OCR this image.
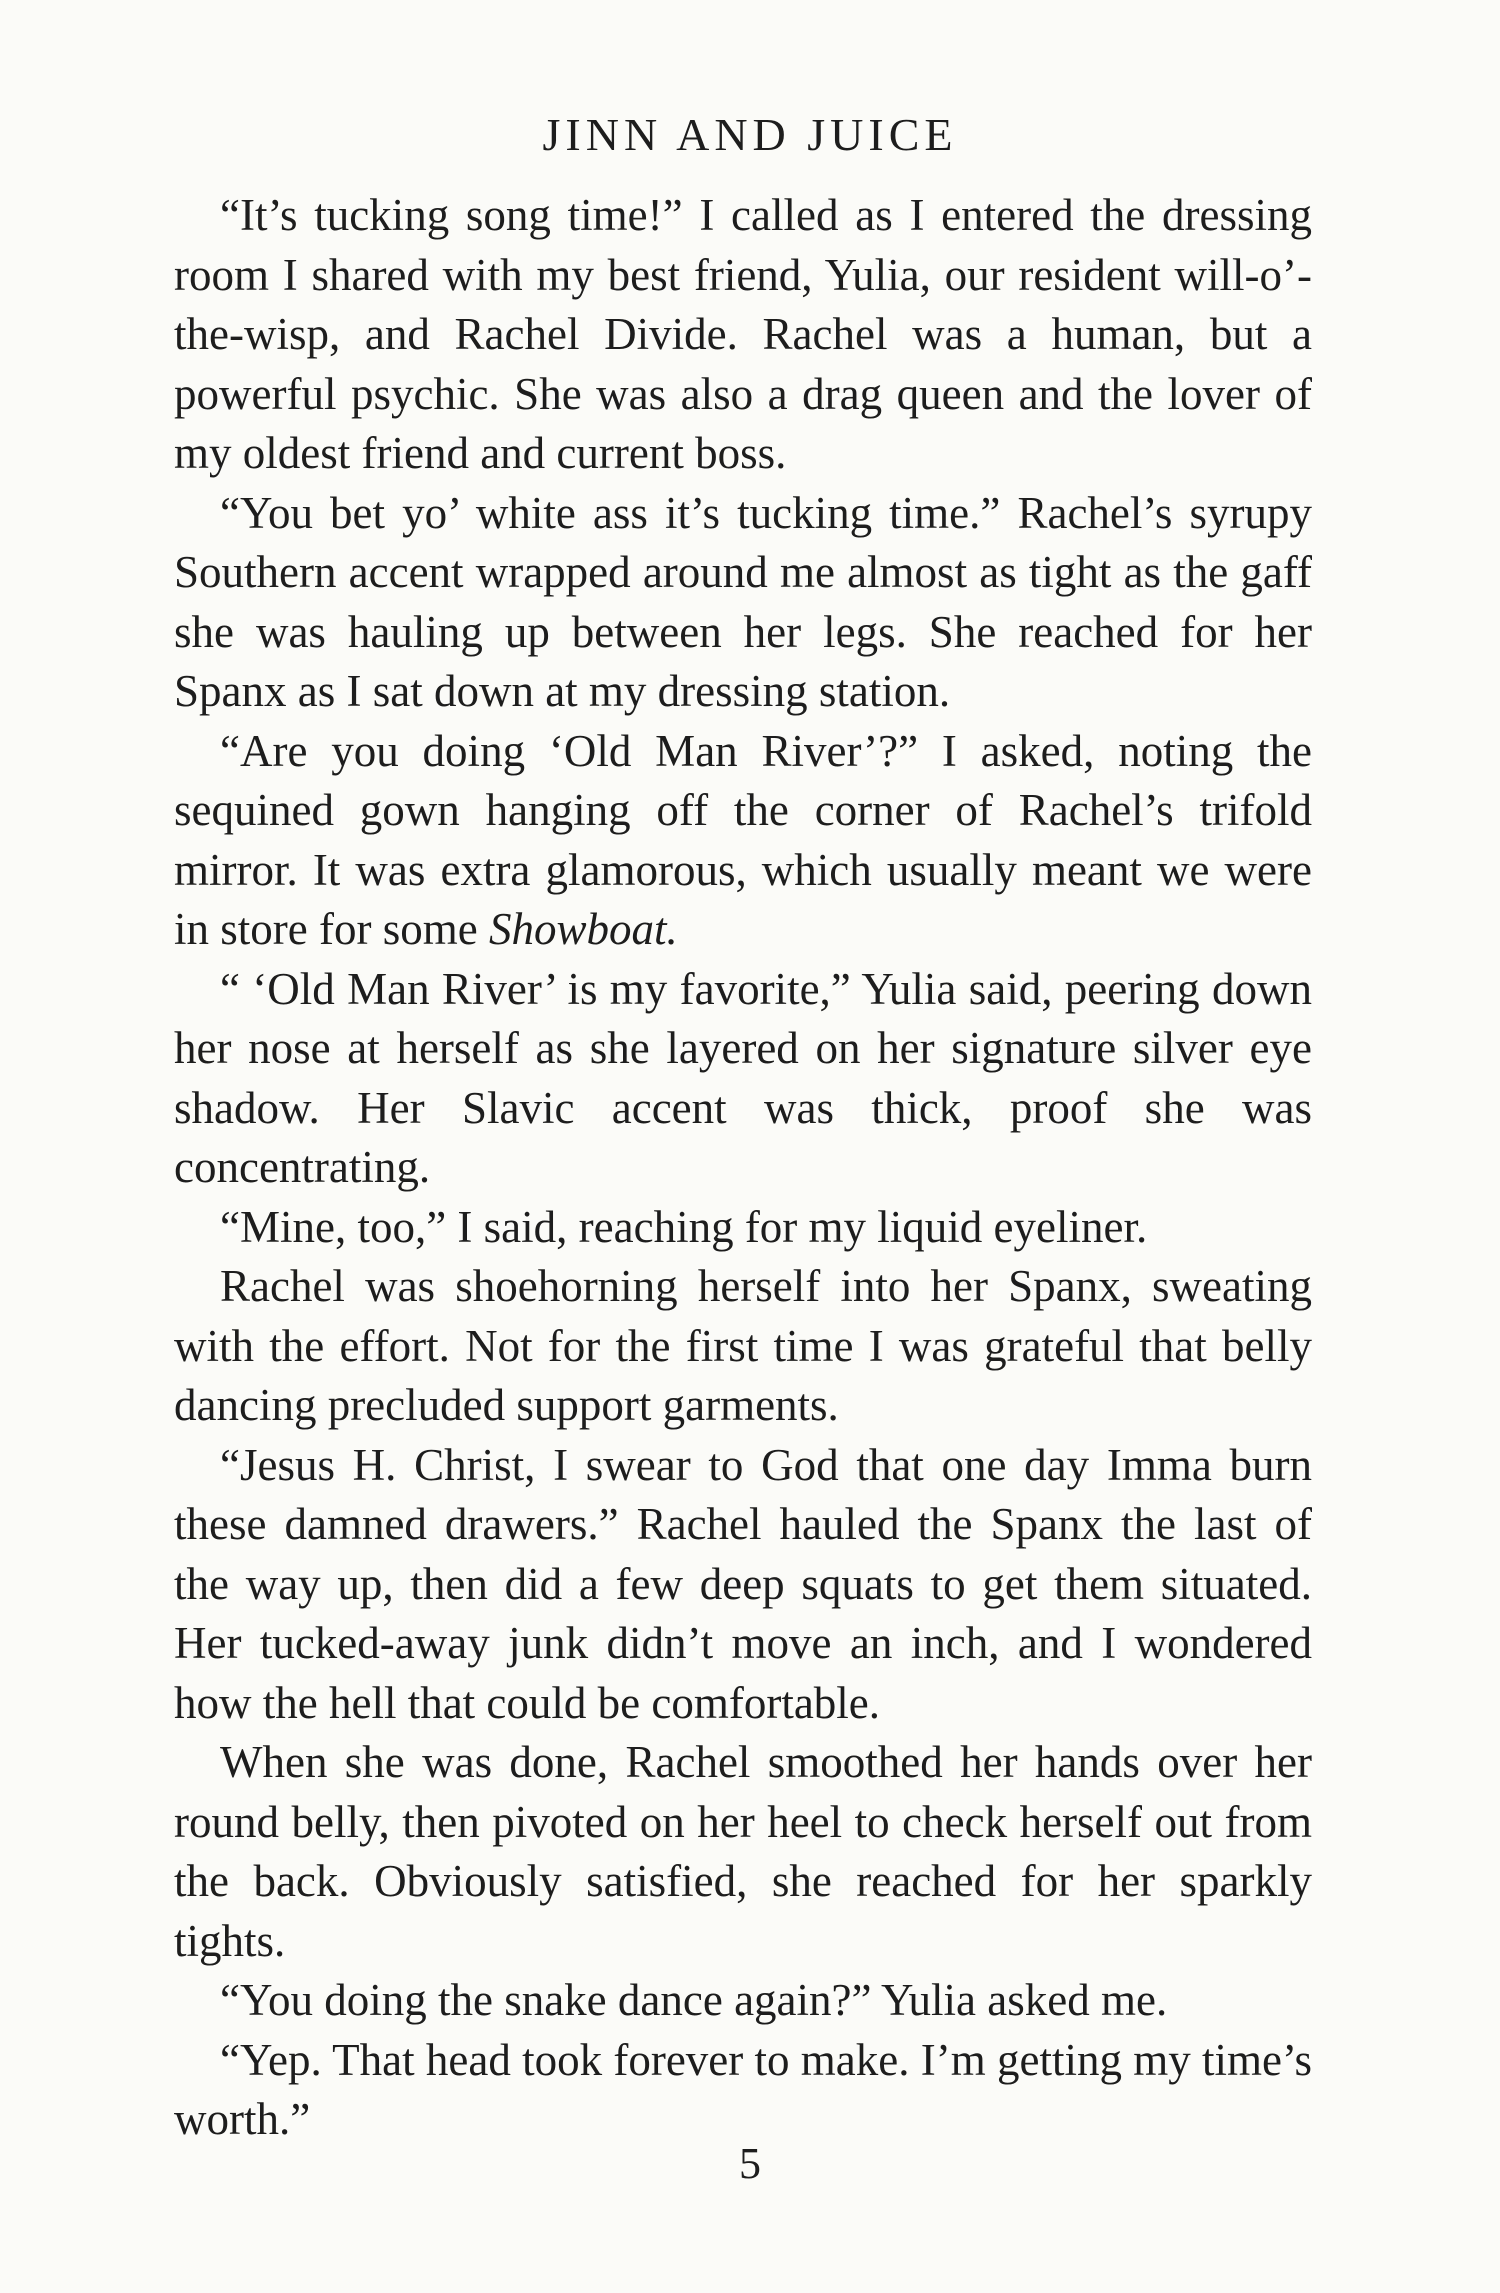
JINN AND JUICE

“It’s tucking song time!” I called as I entered the dressing room I shared with my best friend, Yulia, our resident will-o’-the-wisp, and Rachel Divide. Rachel was a human, but a powerful psychic. She was also a drag queen and the lover of my oldest friend and current boss.

“You bet yo’ white ass it’s tucking time.” Rachel’s syrupy Southern accent wrapped around me almost as tight as the gaff she was hauling up between her legs. She reached for her Spanx as I sat down at my dressing station.

“Are you doing ‘Old Man River’?” I asked, noting the sequined gown hanging off the corner of Rachel’s trifold mirror. It was extra glamorous, which usually meant we were in store for some Showboat.

“ ‘Old Man River’ is my favorite,” Yulia said, peering down her nose at herself as she layered on her signature silver eye shadow. Her Slavic accent was thick, proof she was concentrating.

“Mine, too,” I said, reaching for my liquid eyeliner.

Rachel was shoehorning herself into her Spanx, sweating with the effort. Not for the first time I was grateful that belly dancing precluded support garments.

“Jesus H. Christ, I swear to God that one day Imma burn these damned drawers.” Rachel hauled the Spanx the last of the way up, then did a few deep squats to get them situated. Her tucked-away junk didn’t move an inch, and I wondered how the hell that could be comfortable.

When she was done, Rachel smoothed her hands over her round belly, then pivoted on her heel to check herself out from the back. Obviously satisfied, she reached for her sparkly tights.

“You doing the snake dance again?” Yulia asked me.

“Yep. That head took forever to make. I’m getting my time’s worth.”

5
